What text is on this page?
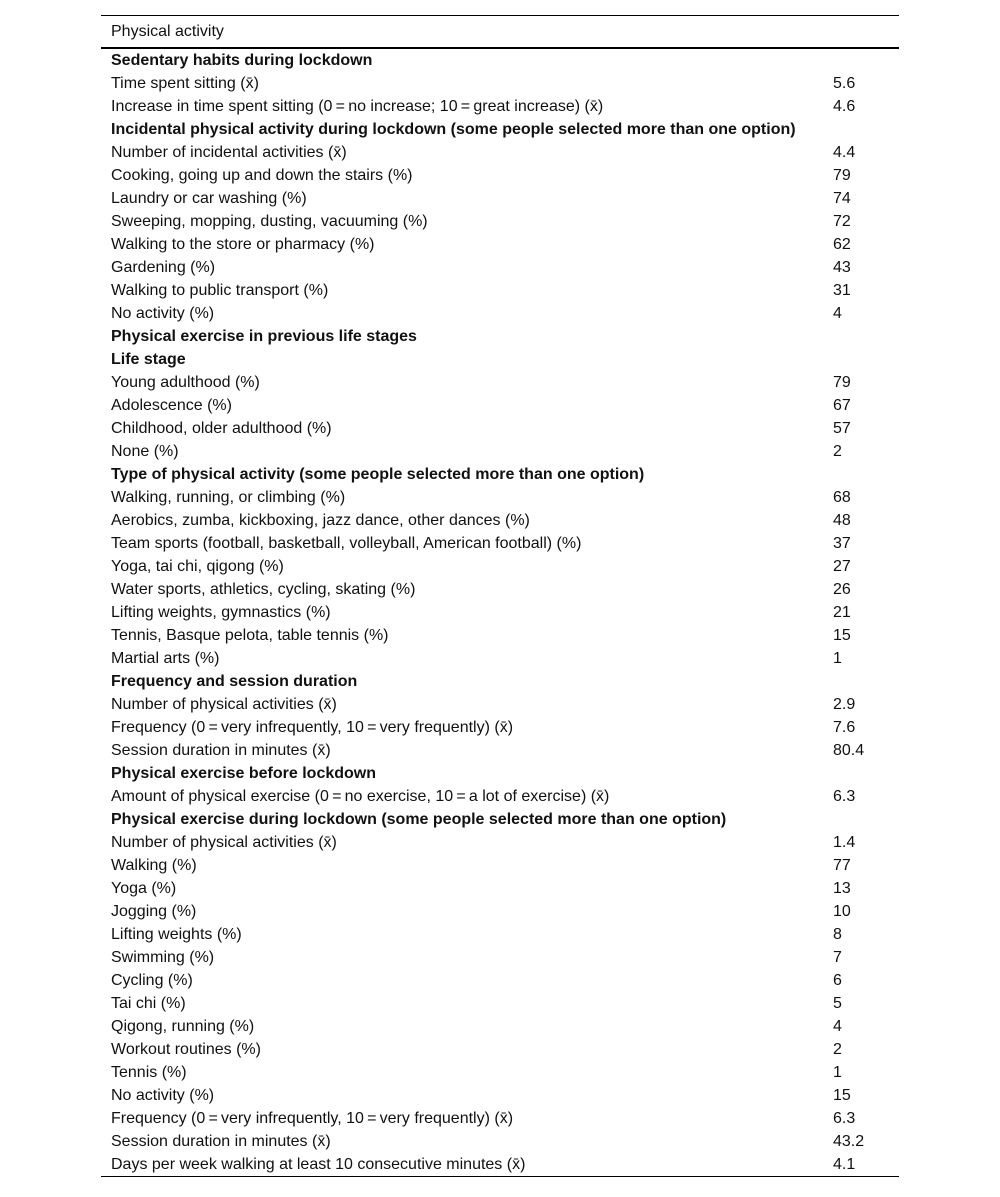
Physical activity	
Sedentary habits during lockdown	
Time spent sitting (x̄)	5.6
Increase in time spent sitting (0 = no increase; 10 = great increase) (x̄)	4.6
Incidental physical activity during lockdown (some people selected more than one option)	
Number of incidental activities (x̄)	4.4
Cooking, going up and down the stairs (%)	79
Laundry or car washing (%)	74
Sweeping, mopping, dusting, vacuuming (%)	72
Walking to the store or pharmacy (%)	62
Gardening (%)	43
Walking to public transport (%)	31
No activity (%)	4
Physical exercise in previous life stages	
Life stage	
Young adulthood (%)	79
Adolescence (%)	67
Childhood, older adulthood (%)	57
None (%)	2
Type of physical activity (some people selected more than one option)	
Walking, running, or climbing (%)	68
Aerobics, zumba, kickboxing, jazz dance, other dances (%)	48
Team sports (football, basketball, volleyball, American football) (%)	37
Yoga, tai chi, qigong (%)	27
Water sports, athletics, cycling, skating (%)	26
Lifting weights, gymnastics (%)	21
Tennis, Basque pelota, table tennis (%)	15
Martial arts (%)	1
Frequency and session duration	
Number of physical activities (x̄)	2.9
Frequency (0 = very infrequently, 10 = very frequently) (x̄)	7.6
Session duration in minutes (x̄)	80.4
Physical exercise before lockdown	
Amount of physical exercise (0 = no exercise, 10 = a lot of exercise) (x̄)	6.3
Physical exercise during lockdown (some people selected more than one option)	
Number of physical activities (x̄)	1.4
Walking (%)	77
Yoga (%)	13
Jogging (%)	10
Lifting weights (%)	8
Swimming (%)	7
Cycling (%)	6
Tai chi (%)	5
Qigong, running (%)	4
Workout routines (%)	2
Tennis (%)	1
No activity (%)	15
Frequency (0 = very infrequently, 10 = very frequently) (x̄)	6.3
Session duration in minutes (x̄)	43.2
Days per week walking at least 10 consecutive minutes (x̄)	4.1
